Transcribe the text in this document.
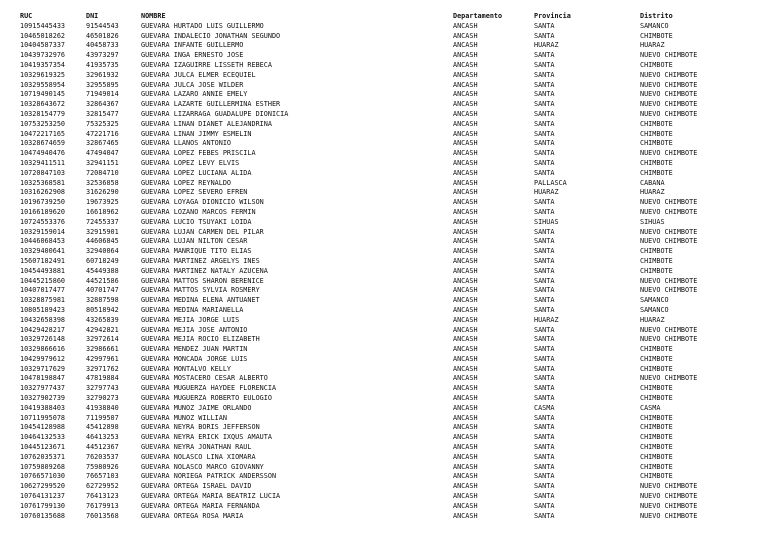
RUC	DNI	NOMBRE	Departamento	Provincia	Distrito
10915445433	91544543	GUEVARA HURTADO LUIS GUILLERMO	ANCASH	SANTA	SAMANCO
10465018262	46501826	GUEVARA INDALECIO JONATHAN SEGUNDO	ANCASH	SANTA	CHIMBOTE
10404587337	40458733	GUEVARA INFANTE GUILLERMO	ANCASH	HUARAZ	HUARAZ
10439732976	43973297	GUEVARA INGA ERNESTO JOSE	ANCASH	SANTA	NUEVO CHIMBOTE
10419357354	41935735	GUEVARA IZAGUIRRE LISSETH REBECA	ANCASH	SANTA	CHIMBOTE
10329619325	32961932	GUEVARA JULCA ELMER ECEQUIEL	ANCASH	SANTA	NUEVO CHIMBOTE
10329558954	32955895	GUEVARA JULCA JOSE WILDER	ANCASH	SANTA	NUEVO CHIMBOTE
10719490145	71949014	GUEVARA LAZARO ANNIE EMELY	ANCASH	SANTA	NUEVO CHIMBOTE
10328643672	32864367	GUEVARA LAZARTE GUILLERMINA ESTHER	ANCASH	SANTA	NUEVO CHIMBOTE
10328154779	32815477	GUEVARA LIZARRAGA GUADALUPE DIONICIA	ANCASH	SANTA	NUEVO CHIMBOTE
10753253250	75325325	GUEVARA LIÑAN DIANET ALEJANDRINA	ANCASH	SANTA	CHIMBOTE
10472217165	47221716	GUEVARA LIÑAN JIMMY ESMELIN	ANCASH	SANTA	CHIMBOTE
10328674659	32867465	GUEVARA LLANOS ANTONIO	ANCASH	SANTA	CHIMBOTE
10474940476	47494047	GUEVARA LOPEZ FEBES PRISCILA	ANCASH	SANTA	NUEVO CHIMBOTE
10329411511	32941151	GUEVARA LOPEZ LEVY ELVIS	ANCASH	SANTA	CHIMBOTE
10720847103	72084710	GUEVARA LOPEZ LUCIANA ALIDA	ANCASH	SANTA	CHIMBOTE
10325368581	32536858	GUEVARA LOPEZ REYNALDO	ANCASH	PALLASCA	CABANA
10316262908	31626290	GUEVARA LOPEZ SEVERO EFREN	ANCASH	HUARAZ	HUARAZ
10196739250	19673925	GUEVARA LOYAGA DIONICIO WILSON	ANCASH	SANTA	NUEVO CHIMBOTE
10166189620	16618962	GUEVARA LOZANO MARCOS FERMIN	ANCASH	SANTA	NUEVO CHIMBOTE
10724553376	72455337	GUEVARA LUCIO TSUYAKI LOIDA	ANCASH	SIHUAS	SIHUAS
10329159014	32915901	GUEVARA LUJAN CARMEN DEL PILAR	ANCASH	SANTA	NUEVO CHIMBOTE
10446068453	44606845	GUEVARA LUJAN NILTON CESAR	ANCASH	SANTA	NUEVO CHIMBOTE
10329400641	32940064	GUEVARA MANRIQUE TITO ELIAS	ANCASH	SANTA	CHIMBOTE
15607182491	60718249	GUEVARA MARTINEZ ARGELYS INES	ANCASH	SANTA	CHIMBOTE
10454493881	45449388	GUEVARA MARTINEZ NATALY AZUCENA	ANCASH	SANTA	CHIMBOTE
10445215860	44521586	GUEVARA MATTOS SHARON BERENICE	ANCASH	SANTA	NUEVO CHIMBOTE
10407017477	40701747	GUEVARA MATTOS SYLVIA ROSMERY	ANCASH	SANTA	NUEVO CHIMBOTE
10328875981	32887598	GUEVARA MEDINA ELENA ANTUANET	ANCASH	SANTA	SAMANCO
10805189423	80518942	GUEVARA MEDINA MARIANELLA	ANCASH	SANTA	SAMANCO
10432658398	43265839	GUEVARA MEJIA JORGE LUIS	ANCASH	HUARAZ	HUARAZ
10429428217	42942821	GUEVARA MEJIA JOSE ANTONIO	ANCASH	SANTA	NUEVO CHIMBOTE
10329726148	32972614	GUEVARA MEJIA ROCIO ELIZABETH	ANCASH	SANTA	NUEVO CHIMBOTE
10329866616	32986661	GUEVARA MENDEZ JUAN MARTIN	ANCASH	SANTA	CHIMBOTE
10429979612	42997961	GUEVARA MONCADA JORGE LUIS	ANCASH	SANTA	CHIMBOTE
10329717629	32971762	GUEVARA MONTALVO KELLY	ANCASH	SANTA	CHIMBOTE
10478198847	47819884	GUEVARA MOSTACERO CESAR ALBERTO	ANCASH	SANTA	NUEVO CHIMBOTE
10327977437	32797743	GUEVARA MUGUERZA HAYDEE FLORENCIA	ANCASH	SANTA	CHIMBOTE
10327902739	32790273	GUEVARA MUGUERZA ROBERTO EULOGIO	ANCASH	SANTA	CHIMBOTE
10419388403	41938840	GUEVARA MUÑOZ JAIME ORLANDO	ANCASH	CASMA	CASMA
10711995078	71199507	GUEVARA MUÑOZ WILLIAN	ANCASH	SANTA	CHIMBOTE
10454128988	45412898	GUEVARA NEYRA BORIS JEFFERSON	ANCASH	SANTA	CHIMBOTE
10464132533	46413253	GUEVARA NEYRA ERICK IXQUS AMAUTA	ANCASH	SANTA	CHIMBOTE
10445123671	44512367	GUEVARA NEYRA JONATHAN RAUL	ANCASH	SANTA	CHIMBOTE
10762035371	76203537	GUEVARA NOLASCO LINA XIOMARA	ANCASH	SANTA	CHIMBOTE
10759809268	75980926	GUEVARA NOLASCO MARCO GIOVANNY	ANCASH	SANTA	CHIMBOTE
10766571030	76657103	GUEVARA NORIEGA PATRICK ANDERSSON	ANCASH	SANTA	CHIMBOTE
10627299520	62729952	GUEVARA ORTEGA ISRAEL DAVID	ANCASH	SANTA	NUEVO CHIMBOTE
10764131237	76413123	GUEVARA ORTEGA MARIA BEATRIZ LUCIA	ANCASH	SANTA	NUEVO CHIMBOTE
10761799130	76179913	GUEVARA ORTEGA MARIA FERNANDA	ANCASH	SANTA	NUEVO CHIMBOTE
10760135688	76013568	GUEVARA ORTEGA ROSA MARIA	ANCASH	SANTA	NUEVO CHIMBOTE
